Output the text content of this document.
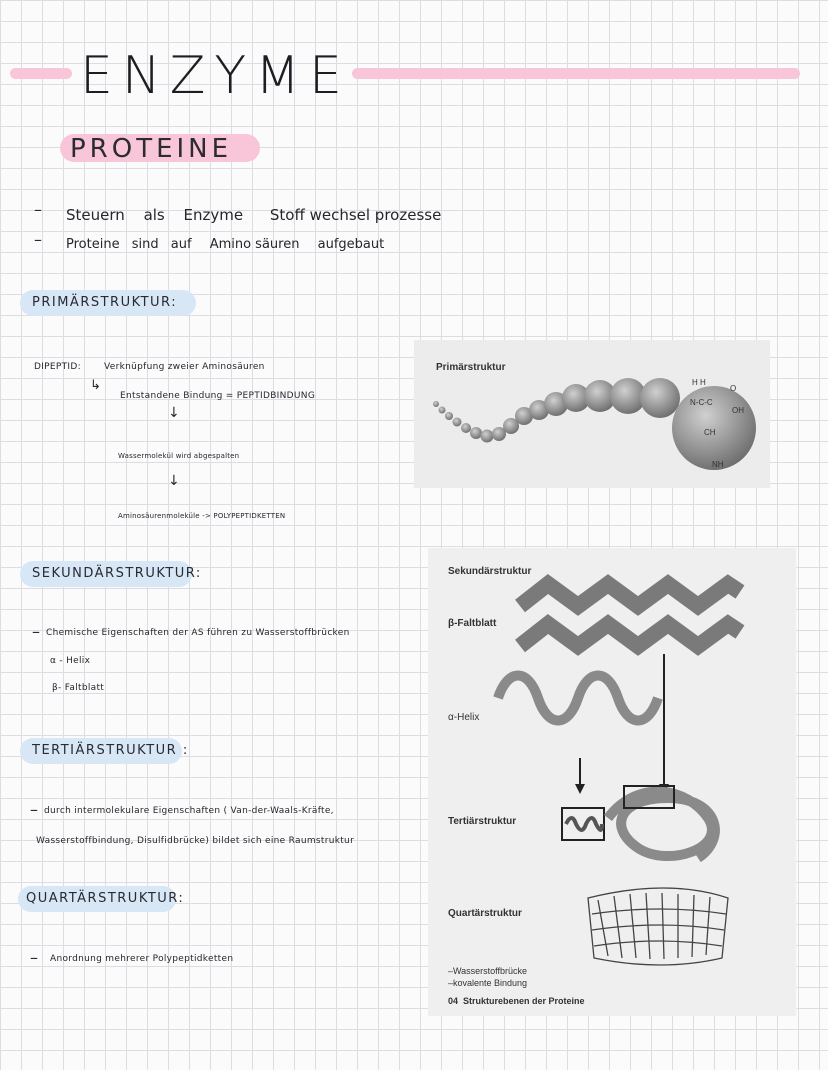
ENZYME
PROTEINE
– Steuern als Enzyme Stoff wechsel prozesse
– Proteine sind auf Amino säuren aufgebaut
PRIMÄRSTRUKTUR:
DIPEPTID:	Verknüpfung zweier Aminosäuren
↳
Entstandene Bindung = PEPTIDBINDUNG
↓
Wassermolekül wird abgespalten
↓
Aminosäurenmoleküle -> POLYPEPTIDKETTEN
Primärstruktur
H H
O
N-C-C
OH
CH
NH
SEKUNDÄRSTRUKTUR:
– Chemische Eigenschaften der AS führen zu Wasserstoffbrücken
α - Helix
β- Faltblatt
TERTIÄRSTRUKTUR :
– durch intermolekulare Eigenschaften ( Van-der-Waals-Kräfte,
Wasserstoffbindung, Disulfidbrücke) bildet sich eine Raumstruktur
QUARTÄRSTRUKTUR:
– Anordnung mehrerer Polypeptidketten
Sekundärstruktur
β-Faltblatt
α-Helix
Tertiärstruktur
Quartärstruktur
–Wasserstoffbrücke
–kovalente Bindung
04 Strukturebenen der Proteine
